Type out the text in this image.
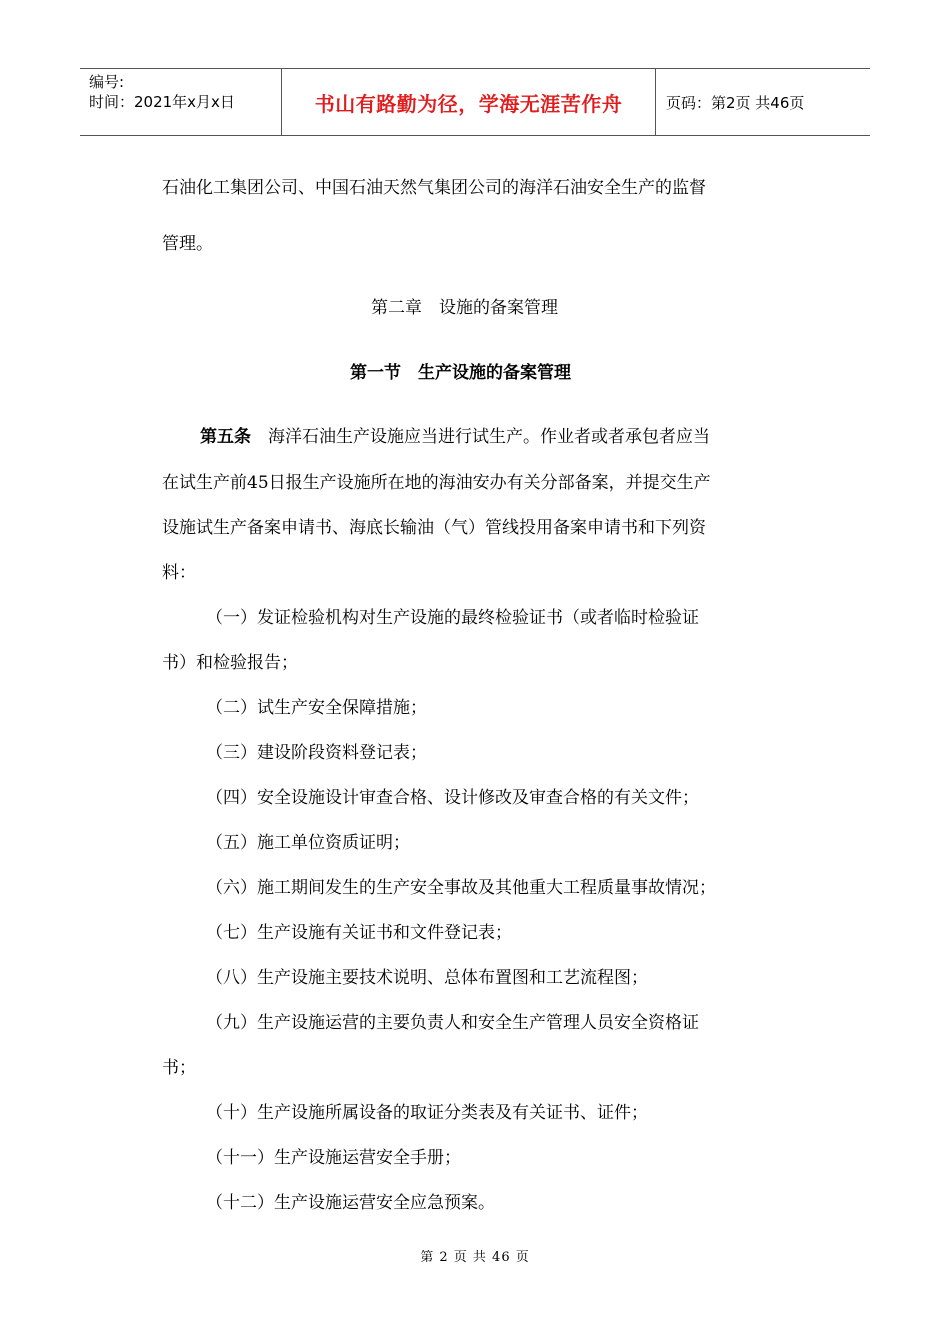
编号:
时间：2021年x月x日	书山有路勤为径，学海无涯苦作舟	页码：第2页 共46页
石油化工集团公司、中国石油天然气集团公司的海洋石油安全生产的监督
管理。
第二章　设施的备案管理
第一节　生产设施的备案管理
第五条　海洋石油生产设施应当进行试生产。作业者或者承包者应当
在试生产前45日报生产设施所在地的海油安办有关分部备案，并提交生产
设施试生产备案申请书、海底长输油（气）管线投用备案申请书和下列资
料：
（一）发证检验机构对生产设施的最终检验证书（或者临时检验证
书）和检验报告；
（二）试生产安全保障措施；
（三）建设阶段资料登记表；
（四）安全设施设计审查合格、设计修改及审查合格的有关文件；
（五）施工单位资质证明；
（六）施工期间发生的生产安全事故及其他重大工程质量事故情况；
（七）生产设施有关证书和文件登记表；
（八）生产设施主要技术说明、总体布置图和工艺流程图；
（九）生产设施运营的主要负责人和安全生产管理人员安全资格证
书；
（十）生产设施所属设备的取证分类表及有关证书、证件；
（十一）生产设施运营安全手册；
（十二）生产设施运营安全应急预案。
第 2 页 共 46 页
